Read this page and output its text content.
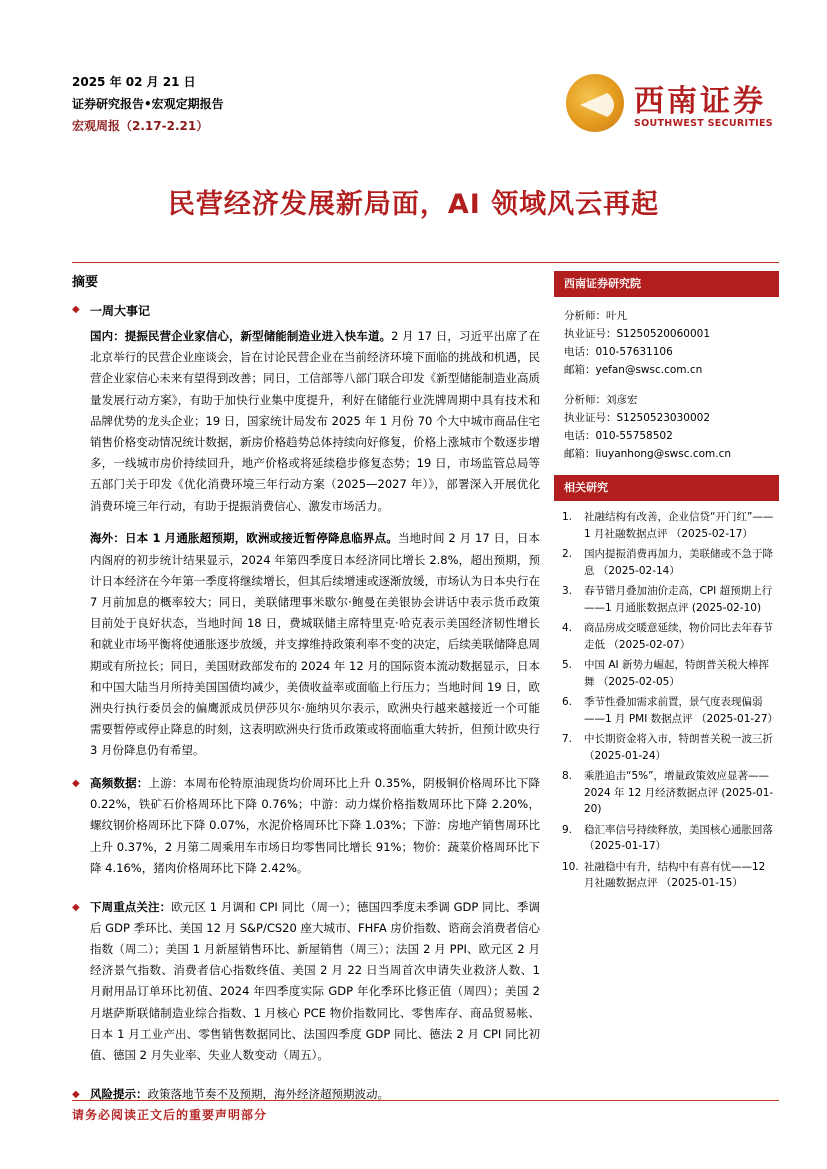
2025 年 02 月 21 日
证券研究报告•宏观定期报告
宏观周报（2.17-2.21）
西南证券
SOUTHWEST SECURITIES
民营经济发展新局面，AI 领域风云再起
摘要
◆ 一周大事记

国内：提振民营企业家信心，新型储能制造业进入快车道。2 月 17 日，习近平出席了在北京举行的民营企业座谈会，旨在讨论民营企业在当前经济环境下面临的挑战和机遇，民营企业家信心未来有望得到改善；同日，工信部等八部门联合印发《新型储能制造业高质量发展行动方案》，有助于加快行业集中度提升，利好在储能行业洗牌周期中具有技术和品牌优势的龙头企业；19 日，国家统计局发布 2025 年 1 月份 70 个大中城市商品住宅销售价格变动情况统计数据，新房价格趋势总体持续向好修复，价格上涨城市个数逐步增多，一线城市房价持续回升，地产价格或将延续稳步修复态势；19 日，市场监管总局等五部门关于印发《优化消费环境三年行动方案（2025—2027 年）》，部署深入开展优化消费环境三年行动，有助于提振消费信心、激发市场活力。

海外：日本 1 月通胀超预期，欧洲或接近暂停降息临界点。当地时间 2 月 17 日，日本内阁府的初步统计结果显示，2024 年第四季度日本经济同比增长 2.8%，超出预期，预计日本经济在今年第一季度将继续增长，但其后续增速或逐渐放缓，市场认为日本央行在 7 月前加息的概率较大；同日，美联储理事米歇尔·鲍曼在美银协会讲话中表示货币政策目前处于良好状态，当地时间 18 日，费城联储主席特里克·哈克表示美国经济韧性增长和就业市场平衡将使通胀逐步放缓，并支撑维持政策利率不变的决定，后续美联储降息周期或有所拉长；同日，美国财政部发布的 2024 年 12 月的国际资本流动数据显示，日本和中国大陆当月所持美国国债均减少，美债收益率或面临上行压力；当地时间 19 日，欧洲央行执行委员会的偏鹰派成员伊莎贝尔·施纳贝尔表示，欧洲央行越来越接近一个可能需要暂停或停止降息的时刻，这表明欧洲央行货币政策或将面临重大转折，但预计欧央行 3 月份降息仍有希望。

◆ 高频数据：上游：本周布伦特原油现货均价周环比上升 0.35%，阴极铜价格周环比下降 0.22%，铁矿石价格周环比下降 0.76%；中游：动力煤价格指数周环比下降 2.20%，螺纹钢价格周环比下降 0.07%，水泥价格周环比下降 1.03%；下游：房地产销售周环比上升 0.37%，2 月第二周乘用车市场日均零售同比增长 91%；物价：蔬菜价格周环比下降 4.16%，猪肉价格周环比下降 2.42%。

◆ 下周重点关注：欧元区 1 月调和 CPI 同比（周一）；德国四季度未季调 GDP 同比、季调后 GDP 季环比、美国 12 月 S&P/CS20 座大城市、FHFA 房价指数、谘商会消费者信心指数（周二）；美国 1 月新屋销售环比、新屋销售（周三）；法国 2 月 PPI、欧元区 2 月经济景气指数、消费者信心指数终值、美国 2 月 22 日当周首次申请失业救济人数、1 月耐用品订单环比初值、2024 年四季度实际 GDP 年化季环比修正值（周四）；美国 2 月堪萨斯联储制造业综合指数、1 月核心 PCE 物价指数同比、零售库存、商品贸易帐、日本 1 月工业产出、零售销售数据同比、法国四季度 GDP 同比、德法 2 月 CPI 同比初值、德国 2 月失业率、失业人数变动（周五）。

◆ 风险提示：政策落地节奏不及预期，海外经济超预期波动。

西南证券研究院
分析师：叶凡
执业证号：S1250520060001
电话：010-57631106
邮箱：yefan@swsc.com.cn
分析师：刘彦宏
执业证号：S1250523030002
电话：010-55758502
邮箱：liuyanhong@swsc.com.cn
相关研究
1.	社融结构有改善，企业信贷“开门红”——1 月社融数据点评 （2025-02-17）
2.	国内提振消费再加力，美联储或不急于降息 （2025-02-14）
3.	春节错月叠加油价走高，CPI 超预期上行——1 月通胀数据点评 (2025-02-10)
4.	商品房成交暖意延续，物价同比去年春节走低 （2025-02-07）
5.	中国 AI 新势力崛起，特朗普关税大棒挥舞 （2025-02-05）
6.	季节性叠加需求前置，景气度表现偏弱——1 月 PMI 数据点评 （2025-01-27）
7.	中长期资金将入市，特朗普关税一波三折 （2025-01-24）
8.	乘胜追击“5%”，增量政策效应显著——2024 年 12 月经济数据点评 (2025-01-20)
9.	稳汇率信号持续释放，美国核心通胀回落 （2025-01-17）
10. 社融稳中有升，结构中有喜有忧——12 月社融数据点评 （2025-01-15）
请务必阅读正文后的重要声明部分
